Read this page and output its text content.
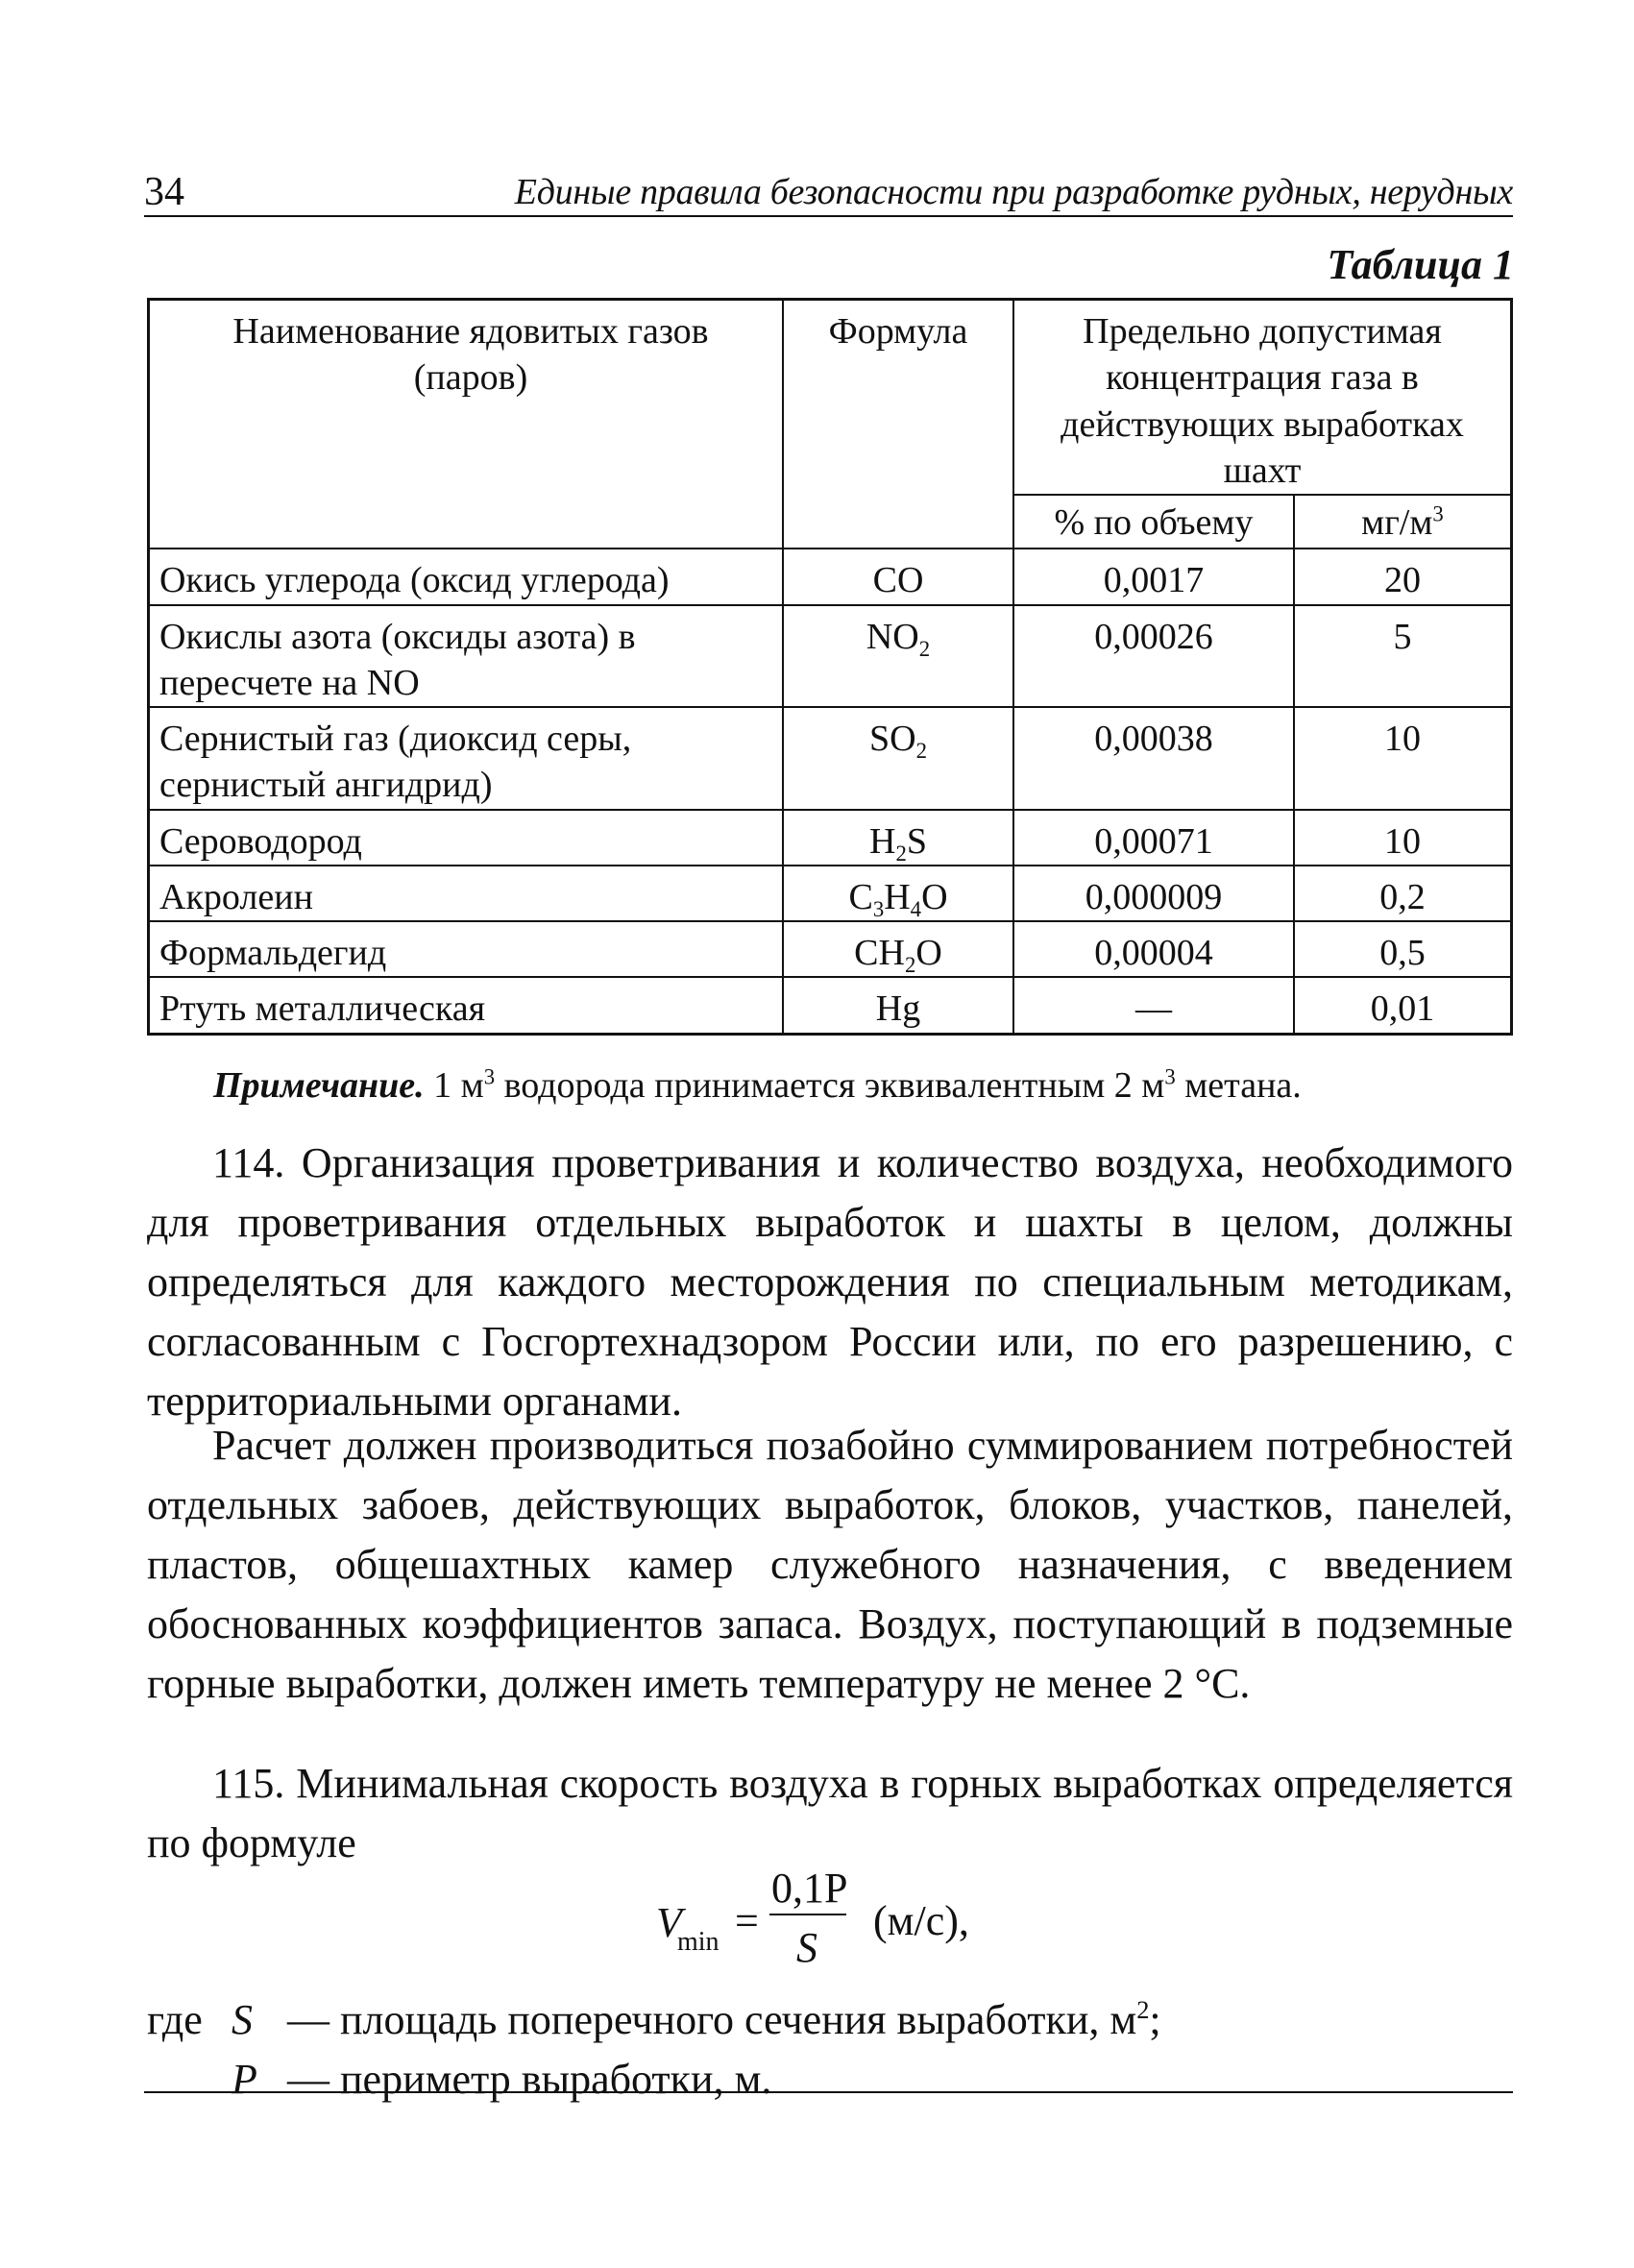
34	Единые правила безопасности при разработке рудных, нерудных
Таблица 1
Наименование ядовитых газов (паров)	Формула	Предельно допустимая концентрация газа в действующих выработках шахт	
		% по объему	$мг/м^3$
Окись углерода (оксид углерода)	CO	0,0017	20
Окислы азота (оксиды азота) в пересчете на NO	$NO_2$	0,00026	5
Сернистый газ (диоксид серы, сернистый ангидрид)	$SO_2$	0,00038	10
Сероводород	$H_2S$	0,00071	10
Акролеин	$C_3H_4O$	0,000009	0,2
Формальдегид	$CH_2O$	0,00004	0,5
Ртуть металлическая	Hg	—	0,01
Примечание. 1 $м^3$ водорода принимается эквивалентным 2 $м^3$ метана.

114. Организация проветривания и количество воздуха, необходимого для проветривания отдельных выработок и шахты в целом, должны определяться для каждого месторождения по специальным методикам, согласованным с Госгортехнадзором России или, по его разрешению, с территориальными органами.

Расчет должен производиться позабойно суммированием потребностей отдельных забоев, действующих выработок, блоков, участков, панелей, пластов, общешахтных камер служебного назначения, с введением обоснованных коэффициентов запаса. Воздух, поступающий в подземные горные выработки, должен иметь температуру не менее 2 °С.

115. Минимальная скорость воздуха в горных выработках определяется по формуле

V
min =
0,1P
S
(м/с),
где S — площадь поперечного сечения выработки, $м^2$;
P — периметр выработки, м.
